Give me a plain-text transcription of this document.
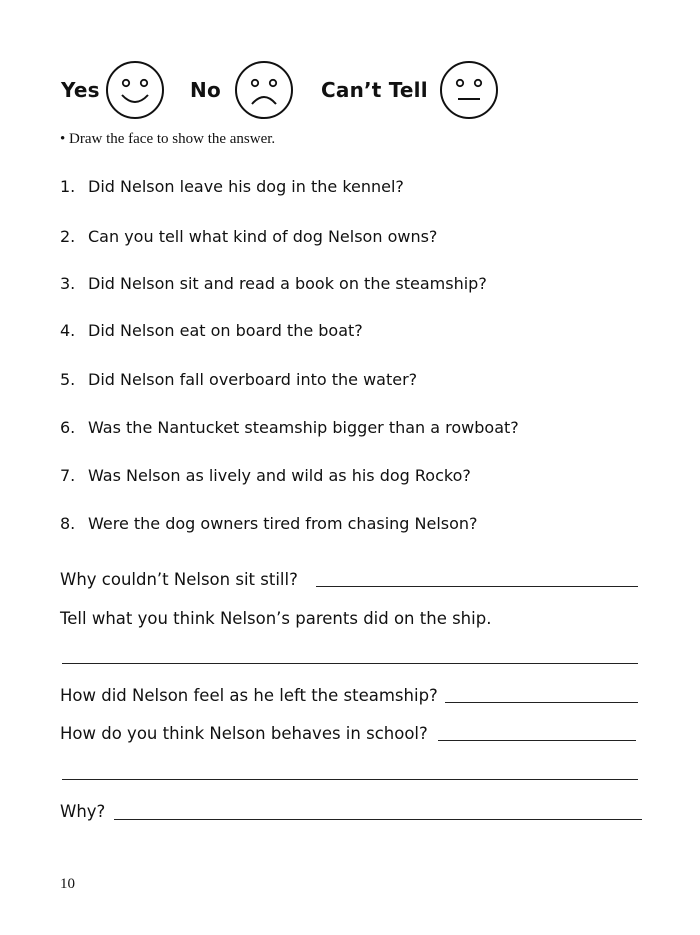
Yes	No	Can’t Tell
• Draw the face to show the answer.
1. Did Nelson leave his dog in the kennel?
2. Can you tell what kind of dog Nelson owns?
3. Did Nelson sit and read a book on the steamship?
4. Did Nelson eat on board the boat?
5. Did Nelson fall overboard into the water?
6. Was the Nantucket steamship bigger than a rowboat?
7. Was Nelson as lively and wild as his dog Rocko?
8. Were the dog owners tired from chasing Nelson?
Why couldn’t Nelson sit still?
Tell what you think Nelson’s parents did on the ship.
How did Nelson feel as he left the steamship?
How do you think Nelson behaves in school?
Why?
10
